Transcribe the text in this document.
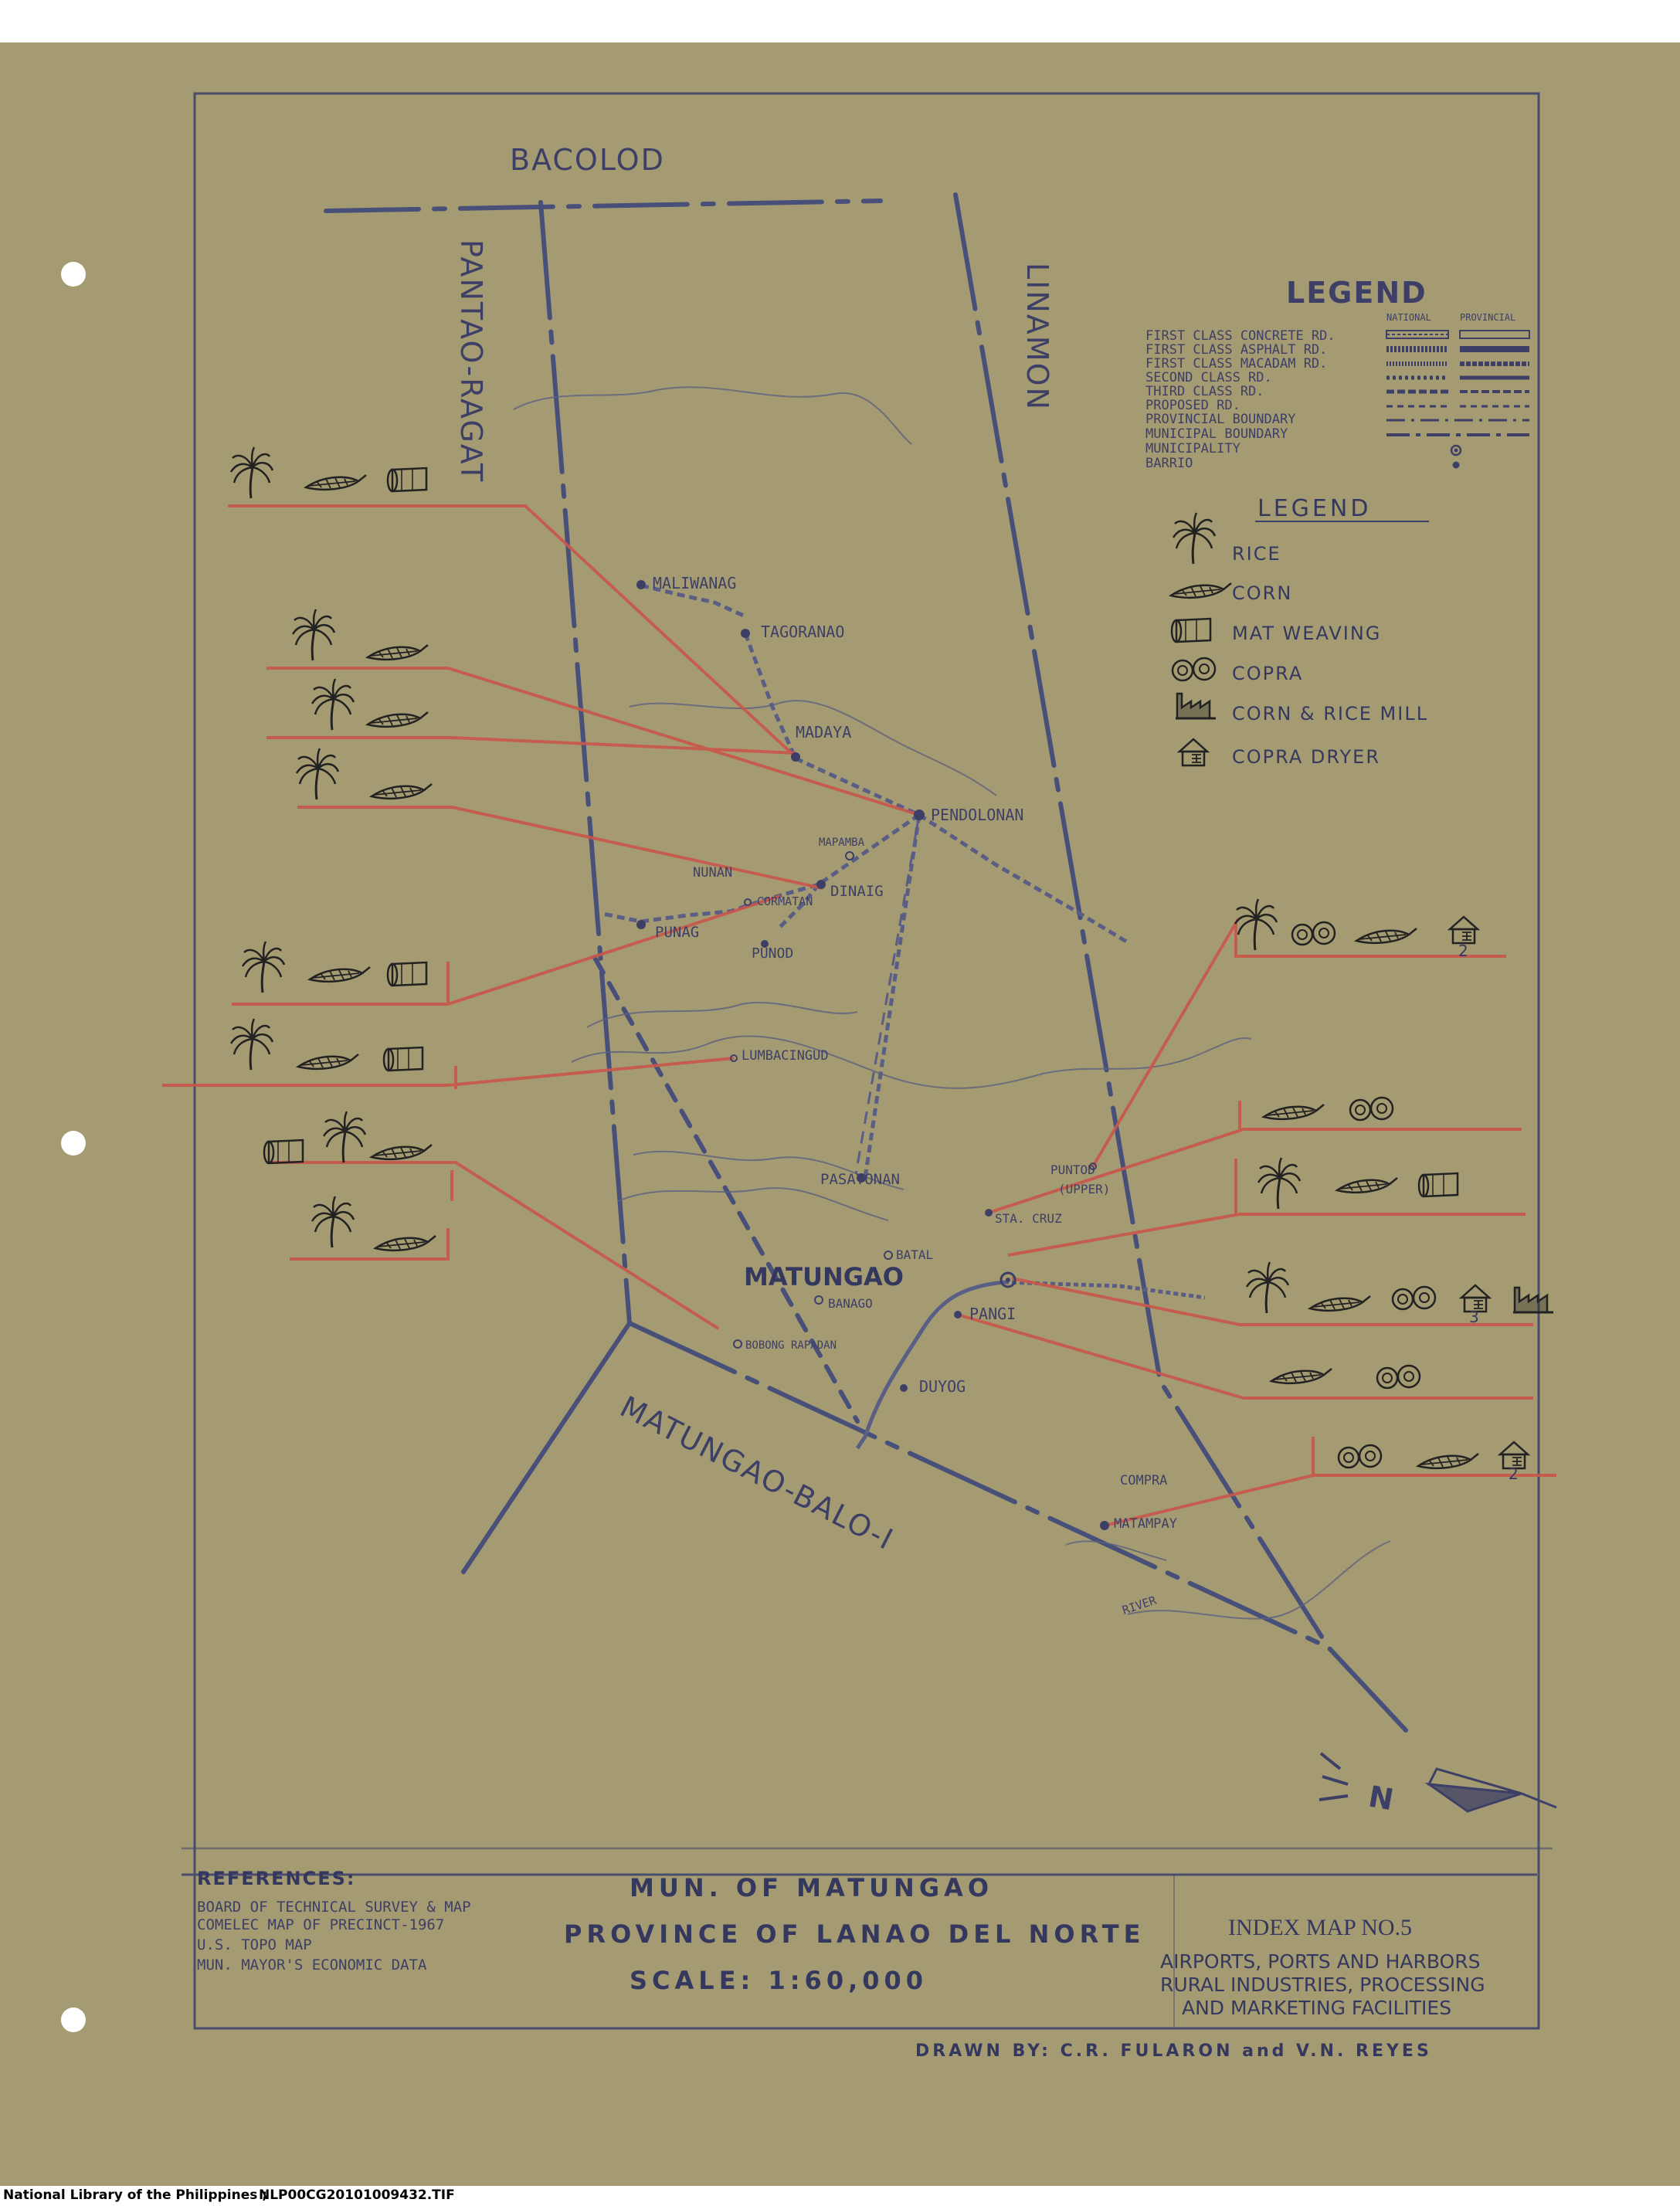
2
3
2
MALIWANAG
TAGORANAO
MADAYA
PENDOLONAN
MAPAMBA
NUNAN
CORMATAN
DINAIG
PUNAG
PUNOD
LUMBACINGUD
PASAYONAN
PUNTOD
(UPPER)
STA. CRUZ
BATAL
MATUNGAO
BANAGO
PANGI
BOBONG RAPADAN
DUYOG
COMPRA
MATAMPAY
RIVER
BACOLOD
PANTAO-RAGAT	LINAMON
MATUNGAO-BALO-I
LEGEND
NATIONAL	PROVINCIAL
FIRST CLASS CONCRETE RD.
FIRST CLASS ASPHALT RD.
FIRST CLASS MACADAM RD.
SECOND CLASS RD.
THIRD CLASS RD.
PROPOSED RD.
PROVINCIAL BOUNDARY
MUNICIPAL BOUNDARY
MUNICIPALITY
BARRIO
LEGEND
RICE
CORN
MAT WEAVING
COPRA
CORN & RICE MILL
COPRA DRYER
N
REFERENCES:
BOARD OF TECHNICAL SURVEY & MAP
COMELEC MAP OF PRECINCT-1967
U.S. TOPO MAP
MUN. MAYOR'S ECONOMIC DATA
MUN. OF MATUNGAO
PROVINCE OF LANAO DEL NORTE
SCALE: 1:60,000
INDEX MAP NO.5
AIRPORTS, PORTS AND HARBORS
RURAL INDUSTRIES, PROCESSING
AND MARKETING FACILITIES
DRAWN BY: C.R. FULARON and V.N. REYES
National Library of the Philippines ;
NLP00CG20101009432.TIF
